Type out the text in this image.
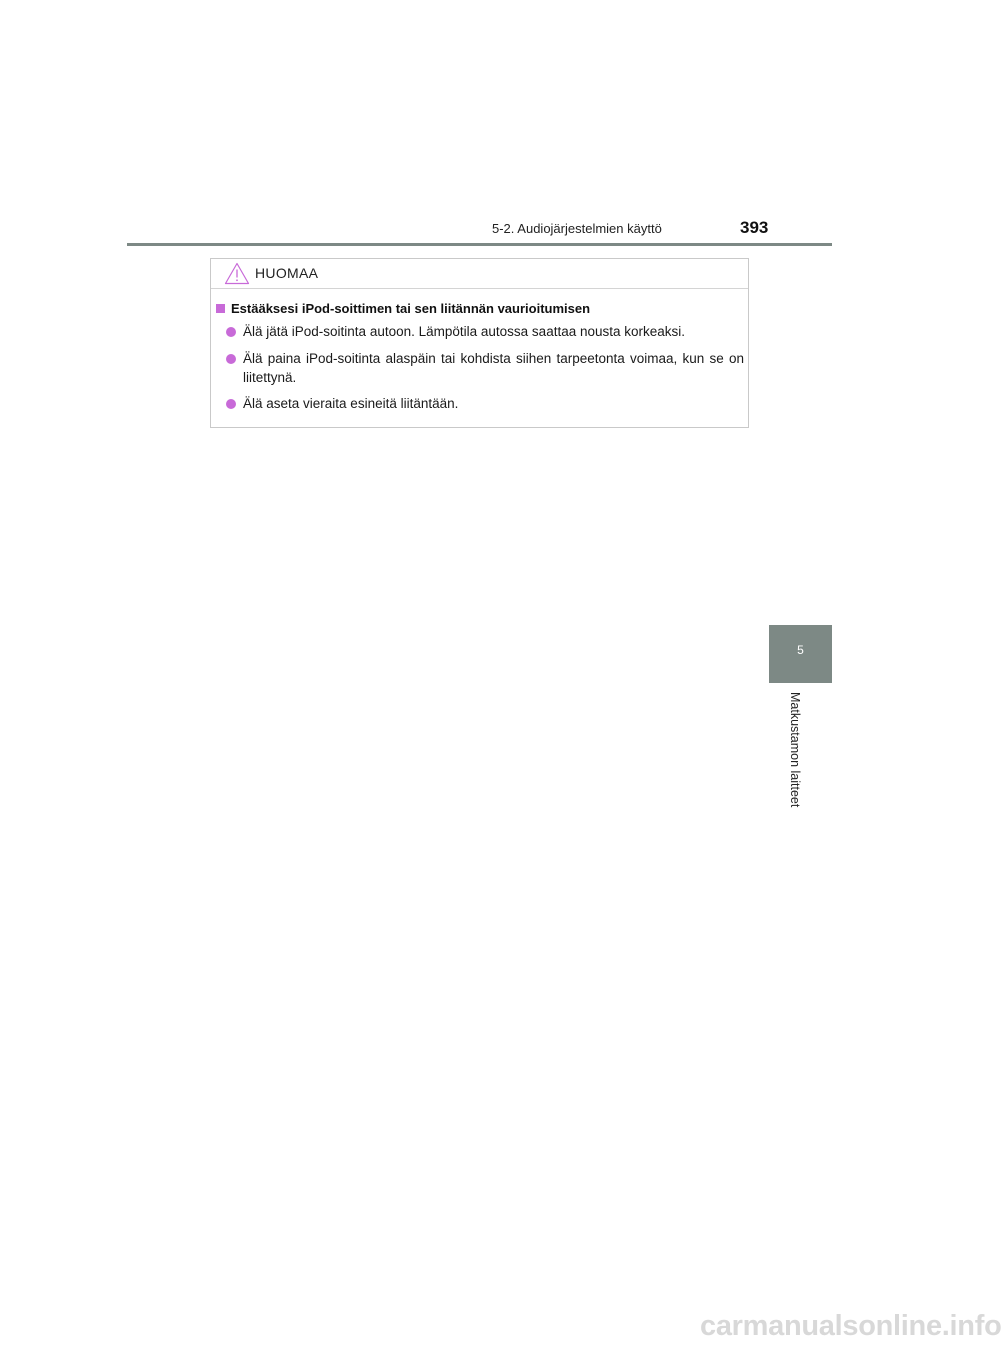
5-2. Audiojärjestelmien käyttö	393
HUOMAA
Estääksesi iPod-soittimen tai sen liitännän vaurioitumisen
Älä jätä iPod-soitinta autoon. Lämpötila autossa saattaa nousta korkeaksi.
Älä paina iPod-soitinta alaspäin tai kohdista siihen tarpeetonta voimaa, kun se on liitettynä.
Älä aseta vieraita esineitä liitäntään.
5
Matkustamon laitteet
carmanualsonline.info
